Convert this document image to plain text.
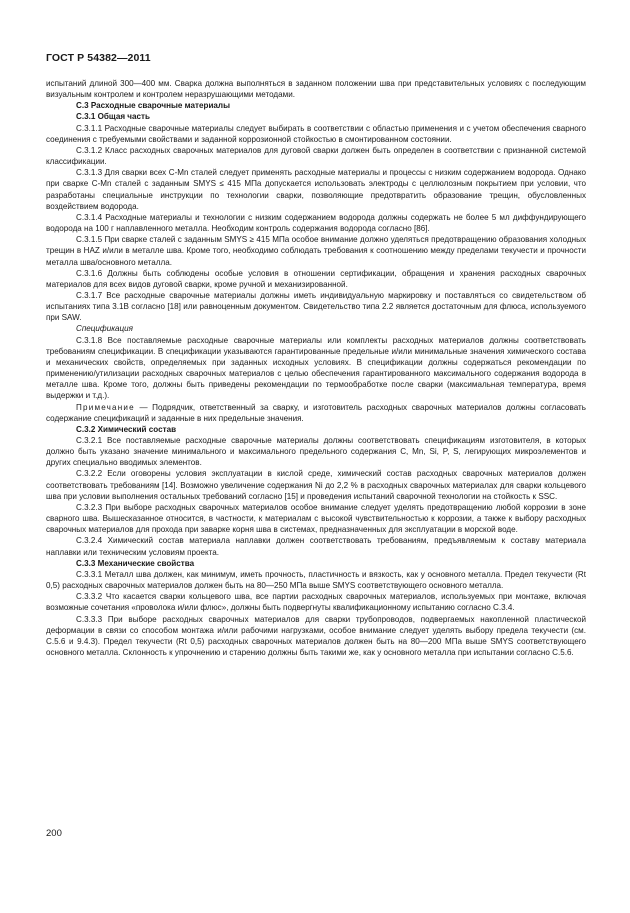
ГОСТ Р 54382—2011

испытаний длиной 300—400 мм. Сварка должна выполняться в заданном положении шва при представительных условиях с последующим визуальным контролем и контролем неразрушающими методами.

С.3 Расходные сварочные материалы

С.3.1 Общая часть

С.3.1.1 Расходные сварочные материалы следует выбирать в соответствии с областью применения и с учетом обеспечения сварного соединения с требуемыми свойствами и заданной коррозионной стойкостью в смонтированном состоянии.

С.3.1.2 Класс расходных сварочных материалов для дуговой сварки должен быть определен в соответствии с признанной системой классификации.

С.3.1.3 Для сварки всех С-Mn сталей следует применять расходные материалы и процессы с низким содержанием водорода. Однако при сварке С-Mn сталей с заданным SMYS ≤ 415 МПа допускается использовать электроды с целлюлозным покрытием при условии, что разработаны специальные инструкции по технологии сварки, позволяющие предотвратить образование трещин, обусловленных воздействием водорода.

С.3.1.4 Расходные материалы и технологии с низким содержанием водорода должны содержать не более 5 мл диффундирующего водорода на 100 г наплавленного металла. Необходим контроль содержания водорода согласно [86].

С.3.1.5 При сварке сталей с заданным SMYS ≥ 415 МПа особое внимание должно уделяться предотвращению образования холодных трещин в HAZ и/или в металле шва. Кроме того, необходимо соблюдать требования к соотношению между пределами текучести и прочности металла шва/основного металла.

С.3.1.6 Должны быть соблюдены особые условия в отношении сертификации, обращения и хранения расходных сварочных материалов для всех видов дуговой сварки, кроме ручной и механизированной.

С.3.1.7 Все расходные сварочные материалы должны иметь индивидуальную маркировку и поставляться со свидетельством об испытаниях типа 3.1В согласно [18] или равноценным документом. Свидетельство типа 2.2 является достаточным для флюса, используемого при SAW.

Спецификация

С.3.1.8 Все поставляемые расходные сварочные материалы или комплекты расходных материалов должны соответствовать требованиям спецификации. В спецификации указываются гарантированные предельные и/или минимальные значения химического состава и механических свойств, определяемых при заданных исходных условиях. В спецификации должны содержаться рекомендации по применению/утилизации расходных сварочных материалов с целью обеспечения гарантированного максимального содержания водорода в металле шва. Кроме того, должны быть приведены рекомендации по термообработке после сварки (максимальная температура, время выдержки и т.д.).

Примечание — Подрядчик, ответственный за сварку, и изготовитель расходных сварочных материалов должны согласовать содержание спецификаций и заданные в них предельные значения.

С.3.2 Химический состав

С.3.2.1 Все поставляемые расходные сварочные материалы должны соответствовать спецификациям изготовителя, в которых должно быть указано значение минимального и максимального предельного содержания С, Mn, Si, P, S, легирующих микроэлементов и других специально вводимых элементов.

С.3.2.2 Если оговорены условия эксплуатации в кислой среде, химический состав расходных сварочных материалов должен соответствовать требованиям [14]. Возможно увеличение содержания Ni до 2,2 % в расходных сварочных материалах для сварки кольцевого шва при условии выполнения остальных требований согласно [15] и проведения испытаний сварочной технологии на стойкость к SSC.

С.3.2.3 При выборе расходных сварочных материалов особое внимание следует уделять предотвращению любой коррозии в зоне сварного шва. Вышесказанное относится, в частности, к материалам с высокой чувствительностью к коррозии, а также к выбору расходных сварочных материалов для прохода при заварке корня шва в системах, предназначенных для эксплуатации в морской воде.

С.3.2.4 Химический состав материала наплавки должен соответствовать требованиям, предъявляемым к составу материала наплавки или техническим условиям проекта.

С.3.3 Механические свойства

С.3.3.1 Металл шва должен, как минимум, иметь прочность, пластичность и вязкость, как у основного металла. Предел текучести (Rt 0,5) расходных сварочных материалов должен быть на 80—250 МПа выше SMYS соответствующего основного металла.

С.3.3.2 Что касается сварки кольцевого шва, все партии расходных сварочных материалов, используемых при монтаже, включая возможные сочетания «проволока и/или флюс», должны быть подвергнуты квалификационному испытанию согласно С.3.4.

С.3.3.3 При выборе расходных сварочных материалов для сварки трубопроводов, подвергаемых накопленной пластической деформации в связи со способом монтажа и/или рабочими нагрузками, особое внимание следует уделять выбору предела текучести (см. С.5.6 и 9.4.3). Предел текучести (Rt 0,5) расходных сварочных материалов должен быть на 80—200 МПа выше SMYS соответствующего основного металла. Склонность к упрочнению и старению должны быть такими же, как у основного металла при испытании согласно С.5.6.

200
